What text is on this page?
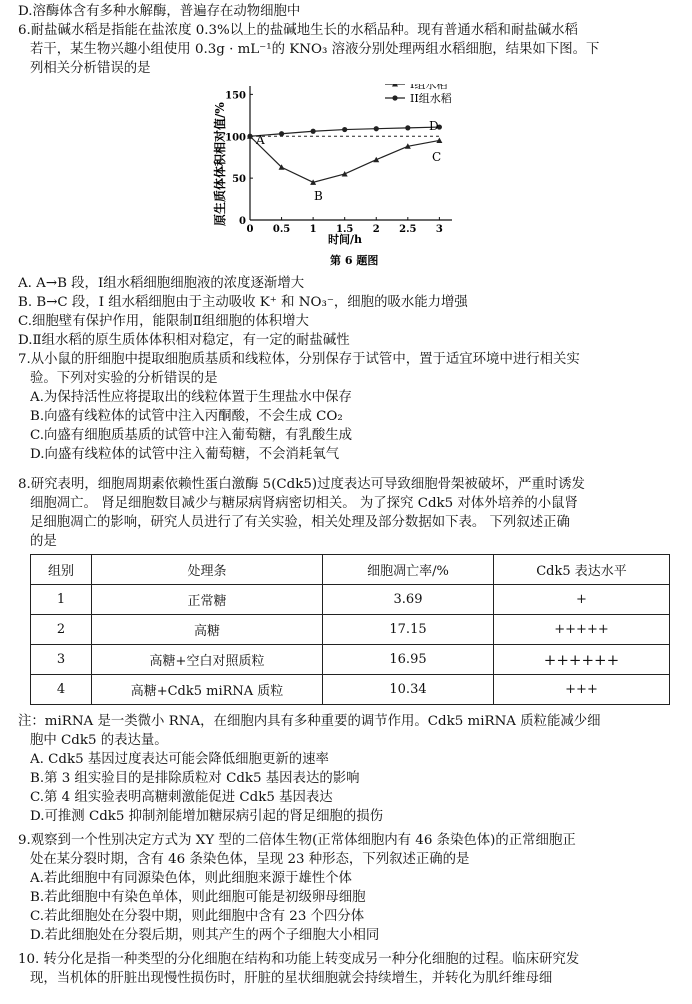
D.溶酶体含有多种水解酶，普遍存在动物细胞中
6.耐盐碱水稻是指能在盐浓度 0.3%以上的盐碱地生长的水稻品种。现有普通水稻和耐盐碱水稻
若干，某生物兴趣小组使用 0.3g · mL⁻¹的 KNO₃ 溶液分别处理两组水稻细胞，结果如下图。下
列相关分析错误的是
0 0.5 1 1.5 2 2.5 3
0
50
100
150
I组水稻
II组水稻
原生质体体积相对值/%
时间/h
第 6 题图
A
B
C
D
A. A→B 段，Ⅰ组水稻细胞细胞液的浓度逐渐增大
B. B→C 段，Ⅰ 组水稻细胞由于主动吸收 K⁺ 和 NO₃⁻，细胞的吸水能力增强
C.细胞壁有保护作用，能限制Ⅱ组细胞的体积增大
D.Ⅱ组水稻的原生质体体积相对稳定，有一定的耐盐碱性
7.从小鼠的肝细胞中提取细胞质基质和线粒体，分别保存于试管中，置于适宜环境中进行相关实
验。下列对实验的分析错误的是
A.为保持活性应将提取出的线粒体置于生理盐水中保存
B.向盛有线粒体的试管中注入丙酮酸，不会生成 CO₂
C.向盛有细胞质基质的试管中注入葡萄糖，有乳酸生成
D.向盛有线粒体的试管中注入葡萄糖，不会消耗氧气
8.研究表明，细胞周期素依赖性蛋白激酶 5(Cdk5)过度表达可导致细胞骨架被破坏，严重时诱发
细胞凋亡。 肾足细胞数目减少与糖尿病肾病密切相关。 为了探究 Cdk5 对体外培养的小鼠肾
足细胞凋亡的影响，研究人员进行了有关实验，相关处理及部分数据如下表。 下列叙述正确
的是
组别	处理条	细胞凋亡率/%	Cdk5 表达水平
1	正常糖	3.69	+
2	高糖	17.15	+++++
3	高糖+空白对照质粒	16.95	++++++
4	高糖+Cdk5 miRNA 质粒	10.34	+++
注：miRNA 是一类微小 RNA，在细胞内具有多种重要的调节作用。Cdk5 miRNA 质粒能减少细
胞中 Cdk5 的表达量。
A. Cdk5 基因过度表达可能会降低细胞更新的速率
B.第 3 组实验目的是排除质粒对 Cdk5 基因表达的影响
C.第 4 组实验表明高糖刺激能促进 Cdk5 基因表达
D.可推测 Cdk5 抑制剂能增加糖尿病引起的肾足细胞的损伤
9.观察到一个性别决定方式为 XY 型的二倍体生物(正常体细胞内有 46 条染色体)的正常细胞正
处在某分裂时期，含有 46 条染色体，呈现 23 种形态，下列叙述正确的是
A.若此细胞中有同源染色体，则此细胞来源于雄性个体
B.若此细胞中有染色单体，则此细胞可能是初级卵母细胞
C.若此细胞处在分裂中期，则此细胞中含有 23 个四分体
D.若此细胞处在分裂后期，则其产生的两个子细胞大小相同
10. 转分化是指一种类型的分化细胞在结构和功能上转变成另一种分化细胞的过程。临床研究发
现，当机体的肝脏出现慢性损伤时，肝脏的星状细胞就会持续增生，并转化为肌纤维母细
